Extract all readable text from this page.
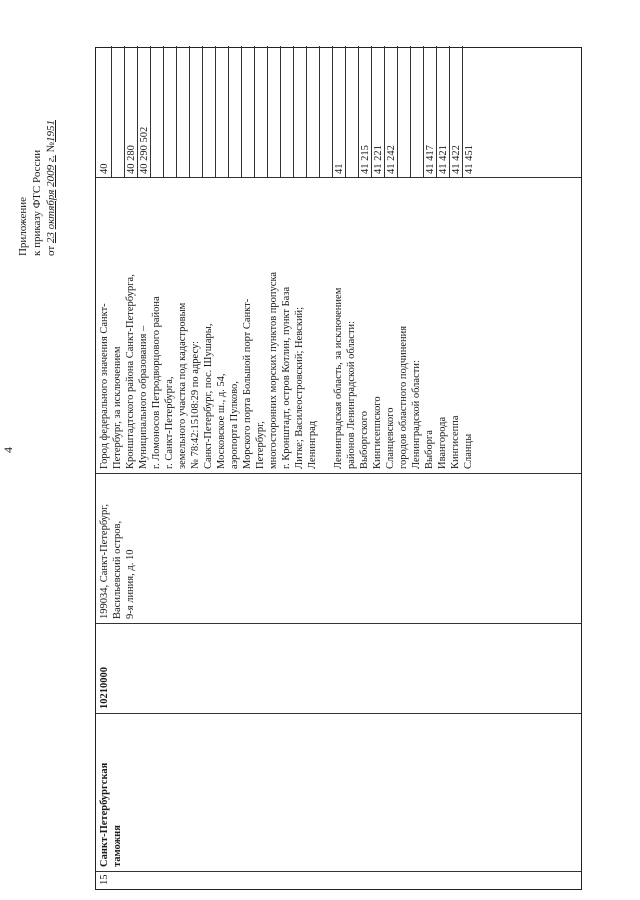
4
Приложение к приказу ФТС России от 23 октября 2009 г. №1951
15
Санкт-Петербургская таможня
10210000
199034, Санкт-Петербург, Васильевский остров, 9-я линия, д. 10
Город федерального значения Санкт- Петербург, за исключением Кронштадтского района Санкт-Петербурга, Муниципального образования – г. Ломоносов Петродворцового района г. Санкт-Петербурга, земельного участка под кадастровым № 78:42:15108:29 по адресу: Санкт-Петербург, пос. Шушары, Московское ш., д. 54, аэропорта Пулково, Морского порта Большой порт Санкт- Петербург, многосторонних морских пунктов пропуска г. Кронштадт, остров Котлин, пункт База Литке; Василеостровский; Невский; Ленинград Ленинградская область, за исключением районов Ленинградской области: Выборгского Кингисеппского Сланцевского городов областного подчинения Ленинградской области: Выборга Ивангорода Кингисеппа Сланцы
40 40 280 40 290 502	41 41 215 41 221 41 242	41 417 41 421 41 422 41 451
